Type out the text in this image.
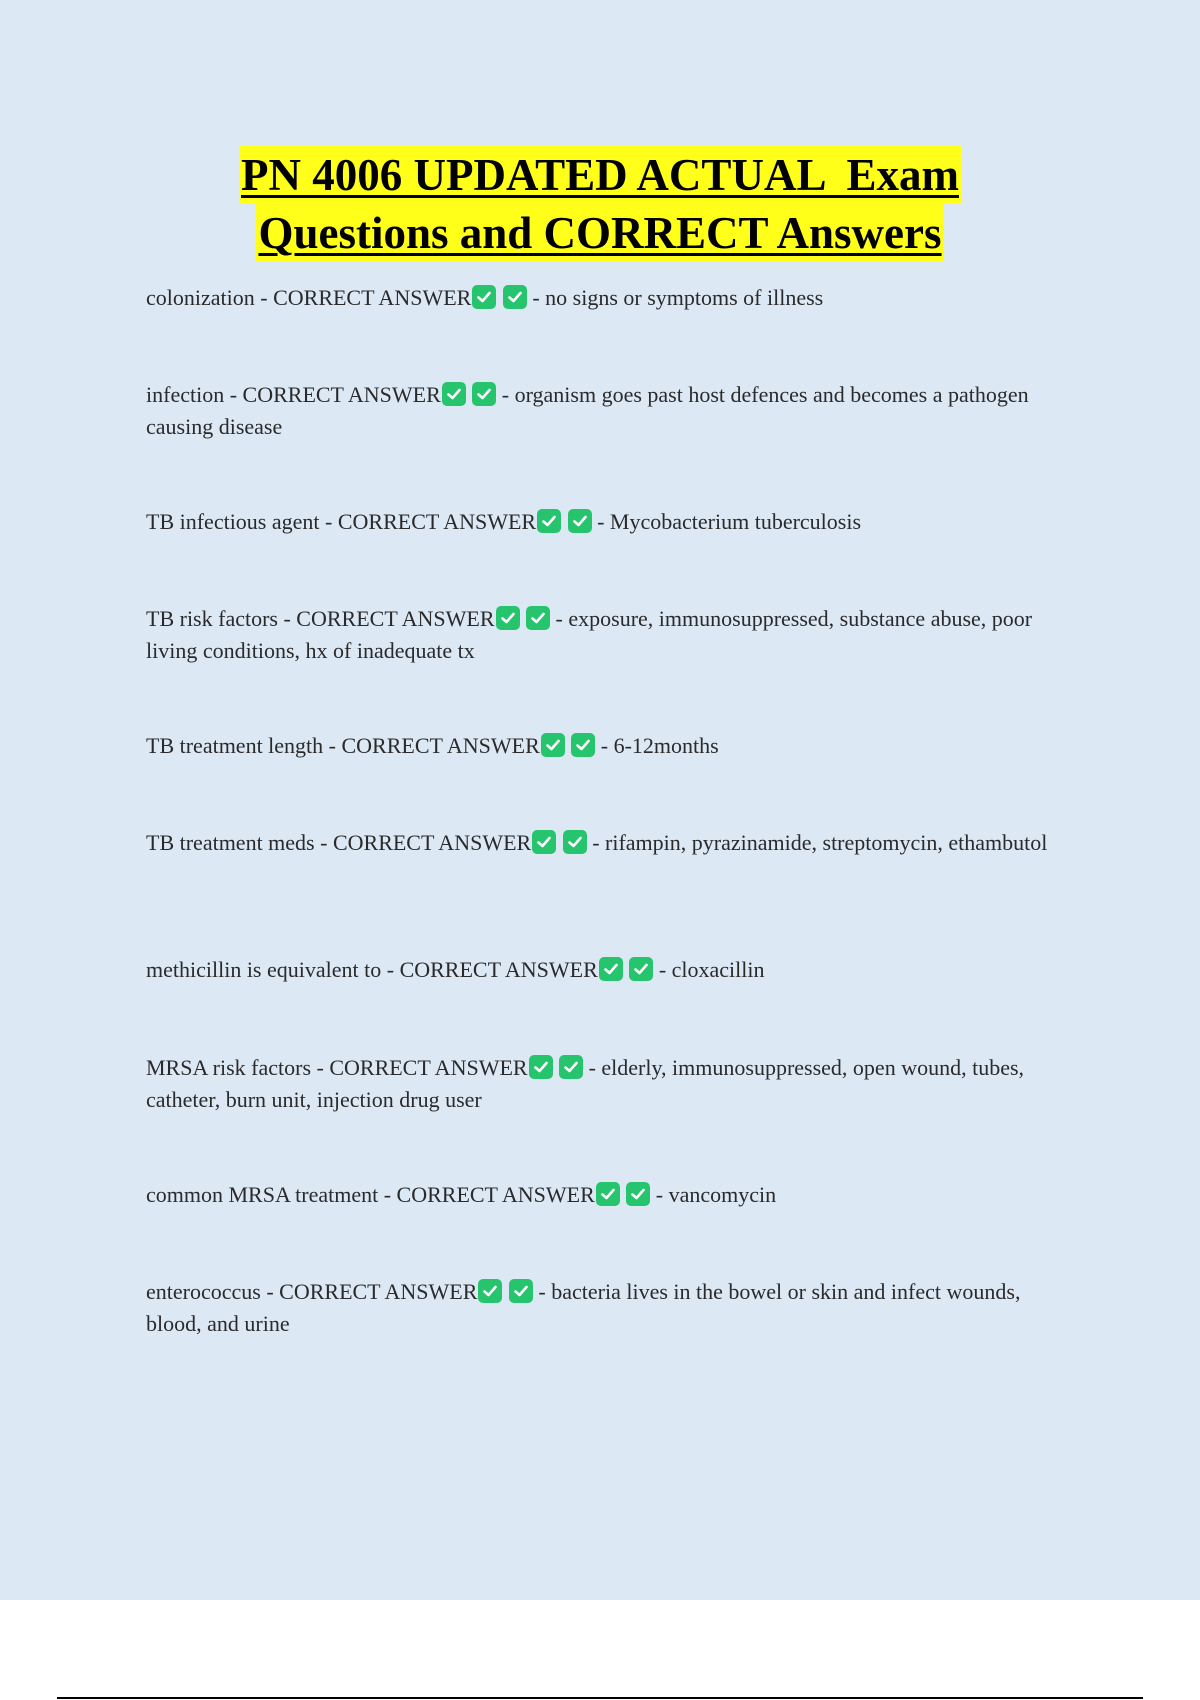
PN 4006 UPDATED ACTUAL  Exam
Questions and CORRECT Answers
colonization - CORRECT ANSWER
	- no signs or symptoms of illness
infection - CORRECT ANSWER
	- organism goes past host defences and becomes a pathogen causing disease
TB infectious agent - CORRECT ANSWER
	- Mycobacterium tuberculosis
TB risk factors - CORRECT ANSWER
	- exposure, immunosuppressed, substance abuse, poor living conditions, hx of inadequate tx
TB treatment length - CORRECT ANSWER
	- 6-12months
TB treatment meds - CORRECT ANSWER
	- rifampin, pyrazinamide, streptomycin, ethambutol
methicillin is equivalent to - CORRECT ANSWER
	- cloxacillin
MRSA risk factors - CORRECT ANSWER
	- elderly, immunosuppressed, open wound, tubes, catheter, burn unit, injection drug user
common MRSA treatment - CORRECT ANSWER
	- vancomycin
enterococcus - CORRECT ANSWER
	- bacteria lives in the bowel or skin and infect wounds, blood, and urine
